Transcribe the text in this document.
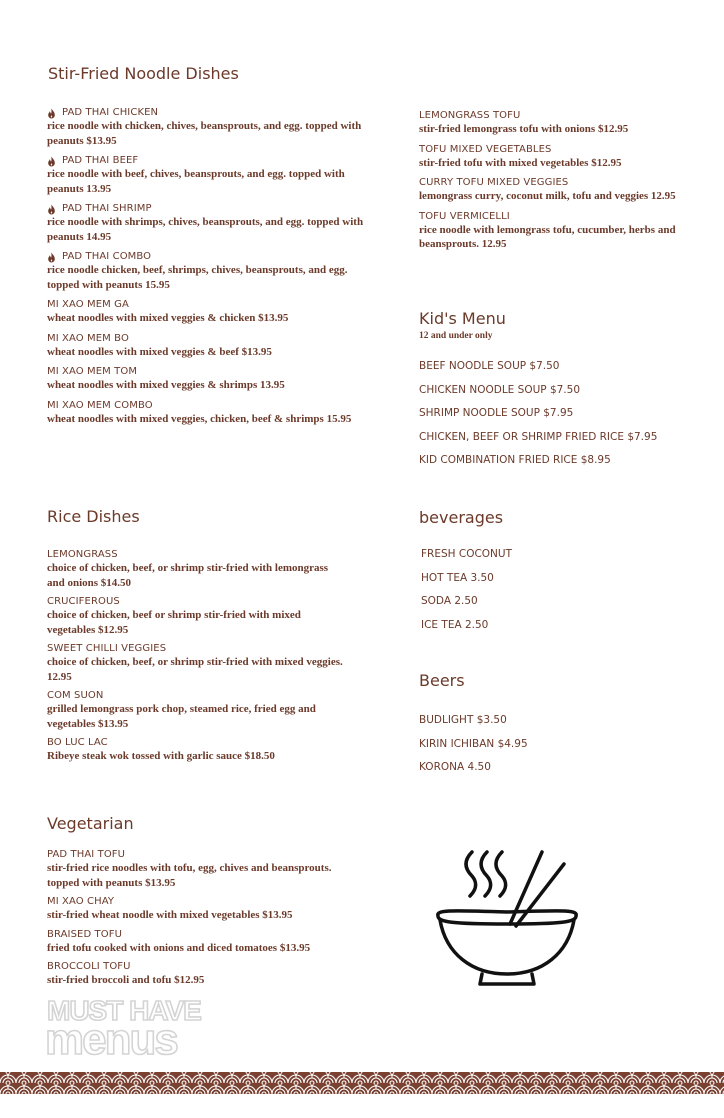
Stir-Fried Noodle Dishes
PAD THAI CHICKEN
rice noodle with chicken, chives, beansprouts, and egg. topped with peanuts $13.95
PAD THAI BEEF
rice noodle with beef, chives, beansprouts, and egg. topped with peanuts 13.95
PAD THAI SHRIMP
rice noodle with shrimps, chives, beansprouts, and egg. topped with peanuts 14.95
PAD THAI COMBO
rice noodle chicken, beef, shrimps, chives, beansprouts, and egg. topped with peanuts 15.95
MI XAO MEM GA
wheat noodles with mixed veggies & chicken $13.95
MI XAO MEM BO
wheat noodles with mixed veggies & beef $13.95
MI XAO MEM TOM
wheat noodles with mixed veggies & shrimps 13.95
MI XAO MEM COMBO
wheat noodles with mixed veggies, chicken, beef & shrimps 15.95
Rice Dishes
LEMONGRASS
choice of chicken, beef, or shrimp stir-fried with lemongrass and onions $14.50
CRUCIFEROUS
choice of chicken, beef or shrimp stir-fried with mixed vegetables $12.95
SWEET CHILLI VEGGIES
choice of chicken, beef, or shrimp stir-fried with mixed veggies. 12.95
COM SUON
grilled lemongrass pork chop, steamed rice, fried egg and vegetables $13.95
BO LUC LAC
Ribeye steak wok tossed with garlic sauce $18.50
Vegetarian
PAD THAI TOFU
stir-fried rice noodles with tofu, egg, chives and beansprouts. topped with peanuts $13.95
MI XAO CHAY
stir-fried wheat noodle with mixed vegetables $13.95
BRAISED TOFU
fried tofu cooked with onions and diced tomatoes $13.95
BROCCOLI TOFU
stir-fried broccoli and tofu $12.95
LEMONGRASS TOFU
stir-fried lemongrass tofu with onions $12.95
TOFU MIXED VEGETABLES
stir-fried tofu with mixed vegetables $12.95
CURRY TOFU MIXED VEGGIES
lemongrass curry, coconut milk, tofu and veggies 12.95
TOFU VERMICELLI
rice noodle with lemongrass tofu, cucumber, herbs and beansprouts. 12.95
Kid's Menu
12 and under only
BEEF NOODLE SOUP $7.50
CHICKEN NOODLE SOUP $7.50
SHRIMP NOODLE SOUP $7.95
CHICKEN, BEEF OR SHRIMP FRIED RICE $7.95
KID COMBINATION FRIED RICE $8.95
beverages
FRESH COCONUT
HOT TEA 3.50
SODA 2.50
ICE TEA 2.50
Beers
BUDLIGHT $3.50
KIRIN ICHIBAN $4.95
KORONA 4.50
MUST HAVE
menus
